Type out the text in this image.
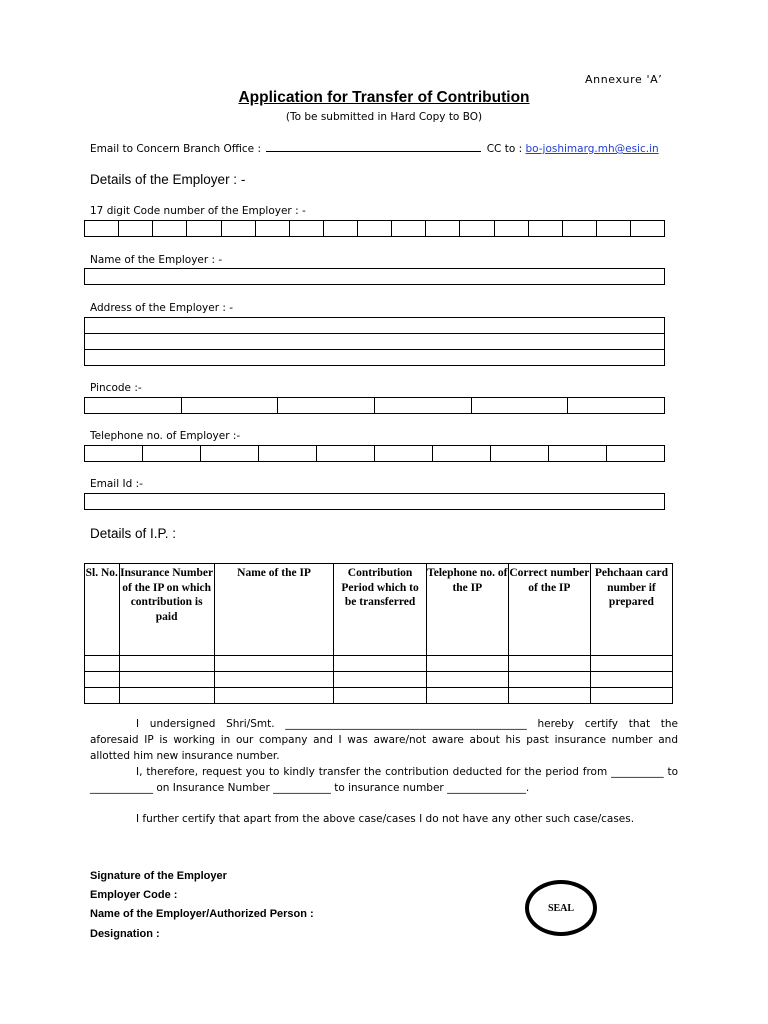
Annexure 'A’
Application for Transfer of Contribution
(To be submitted in Hard Copy to BO)
Email to Concern Branch Office :	CC to : bo-joshimarg.mh@esic.in
Details of the Employer : -
17 digit Code number of the Employer : -
Name of the Employer : -
Address of the Employer : -
Pincode :-
Telephone no. of Employer :-
Email Id :-
Details of I.P. :
Sl. No.	Insurance Number of the IP on which contribution is paid	Name of the IP	Contribution Period which to be transferred	Telephone no. of the IP	Correct number of the IP	Pehchaan card number if prepared

I undersigned Shri/Smt. ______________________________________________ hereby certify that the aforesaid IP is working in our company and I was aware/not aware about his past insurance number and allotted him new insurance number.
I, therefore, request you to kindly transfer the contribution deducted for the period from __________ to ____________ on Insurance Number ___________ to insurance number _______________.
I further certify that apart from the above case/cases I do not have any other such case/cases.
Signature of the Employer
Employer Code :
Name of the Employer/Authorized Person :
Designation :
SEAL
